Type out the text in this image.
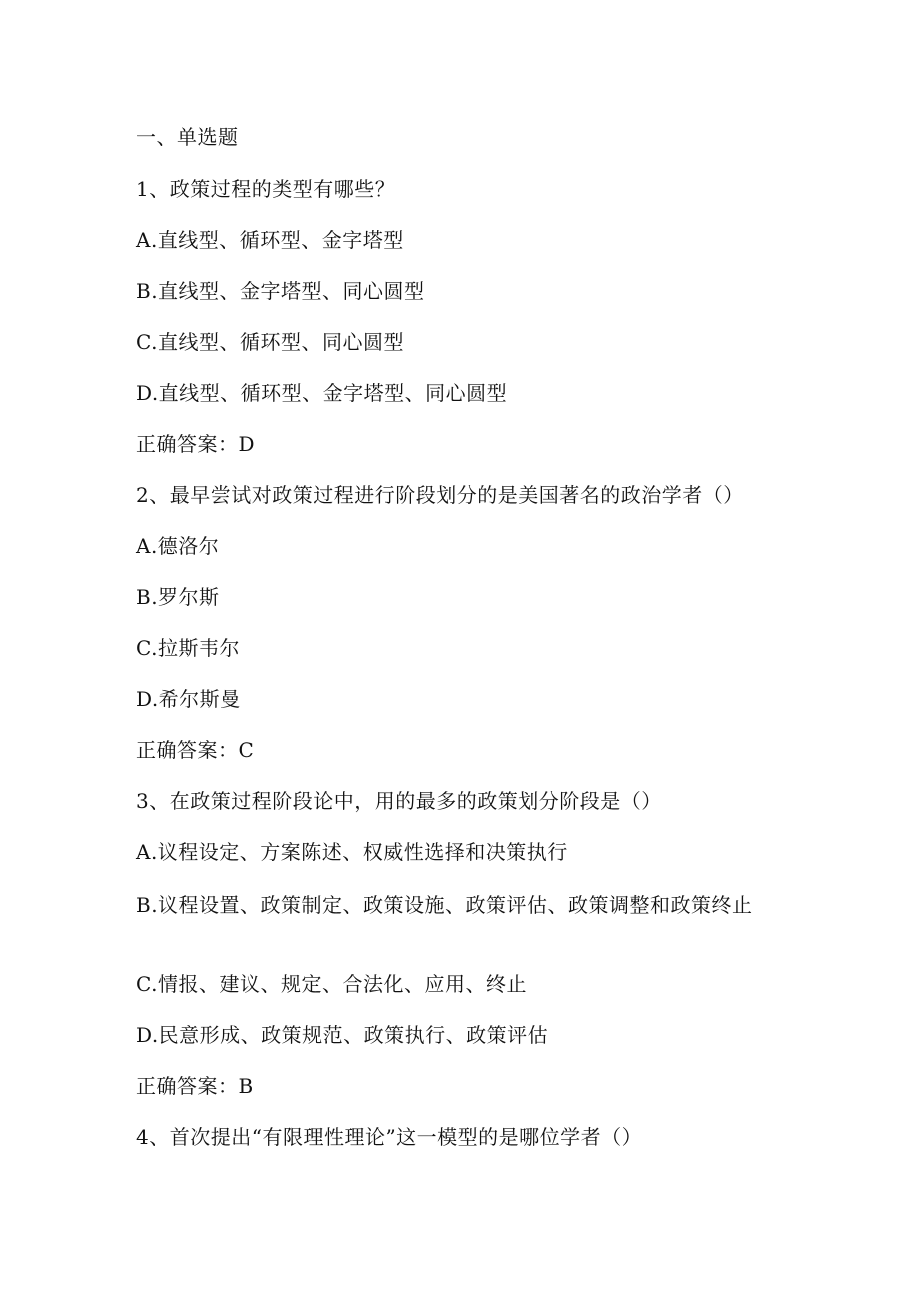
一、单选题
1、政策过程的类型有哪些？
A.直线型、循环型、金字塔型
B.直线型、金字塔型、同心圆型
C.直线型、循环型、同心圆型
D.直线型、循环型、金字塔型、同心圆型
正确答案：D
2、最早尝试对政策过程进行阶段划分的是美国著名的政治学者（）
A.德洛尔
B.罗尔斯
C.拉斯韦尔
D.希尔斯曼
正确答案：C
3、在政策过程阶段论中，用的最多的政策划分阶段是（）
A.议程设定、方案陈述、权威性选择和决策执行
B.议程设置、政策制定、政策设施、政策评估、政策调整和政策终止
C.情报、建议、规定、合法化、应用、终止
D.民意形成、政策规范、政策执行、政策评估
正确答案：B
4、首次提出“有限理性理论”这一模型的是哪位学者（）
